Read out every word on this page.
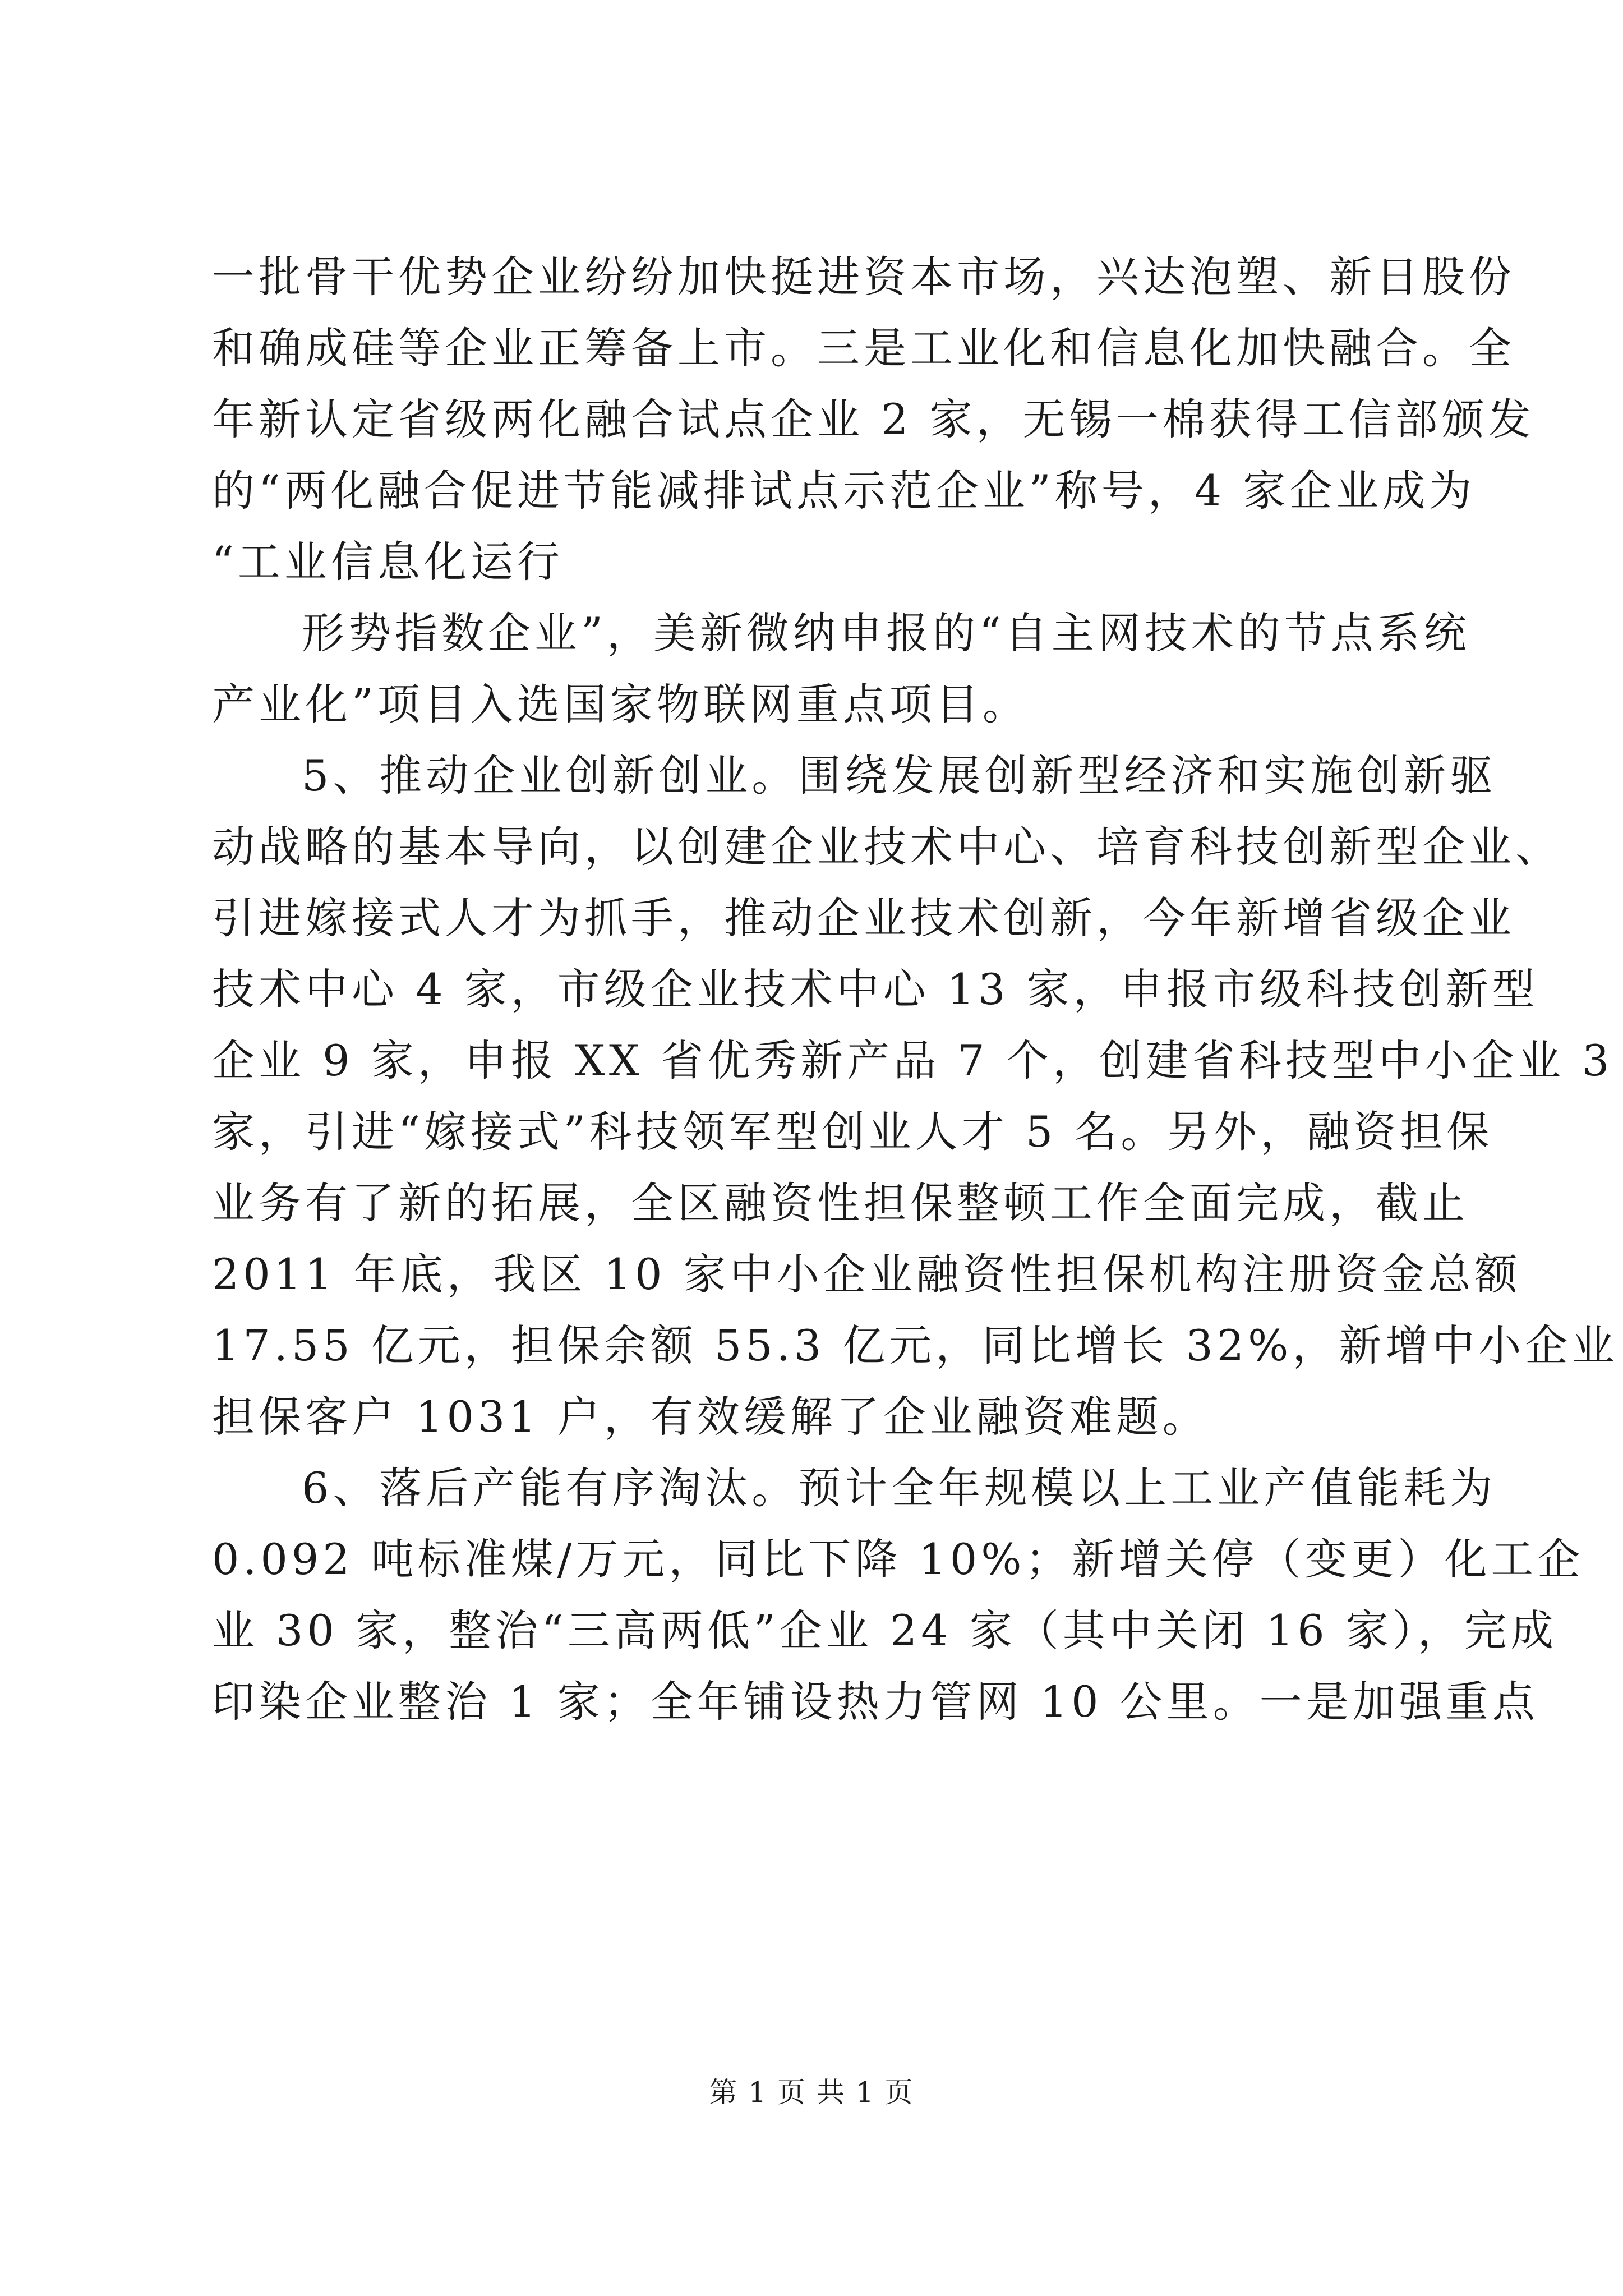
一批骨干优势企业纷纷加快挺进资本市场，兴达泡塑、新日股份
和确成硅等企业正筹备上市。三是工业化和信息化加快融合。全
年新认定省级两化融合试点企业 2 家，无锡一棉获得工信部颁发
的“两化融合促进节能减排试点示范企业”称号，4 家企业成为
“工业信息化运行
形势指数企业”，美新微纳申报的“自主网技术的节点系统
产业化”项目入选国家物联网重点项目。
5、推动企业创新创业。围绕发展创新型经济和实施创新驱
动战略的基本导向，以创建企业技术中心、培育科技创新型企业、
引进嫁接式人才为抓手，推动企业技术创新，今年新增省级企业
技术中心 4 家，市级企业技术中心 13 家，申报市级科技创新型
企业 9 家，申报 XX 省优秀新产品 7 个，创建省科技型中小企业 3
家，引进“嫁接式”科技领军型创业人才 5 名。另外，融资担保
业务有了新的拓展，全区融资性担保整顿工作全面完成，截止
2011 年底，我区 10 家中小企业融资性担保机构注册资金总额
17.55 亿元，担保余额 55.3 亿元，同比增长 32%，新增中小企业
担保客户 1031 户，有效缓解了企业融资难题。
6、落后产能有序淘汰。预计全年规模以上工业产值能耗为
0.092 吨标准煤/万元，同比下降 10%；新增关停（变更）化工企
业 30 家，整治“三高两低”企业 24 家（其中关闭 16 家），完成
印染企业整治 1 家；全年铺设热力管网 10 公里。一是加强重点
第 1 页 共 1 页
